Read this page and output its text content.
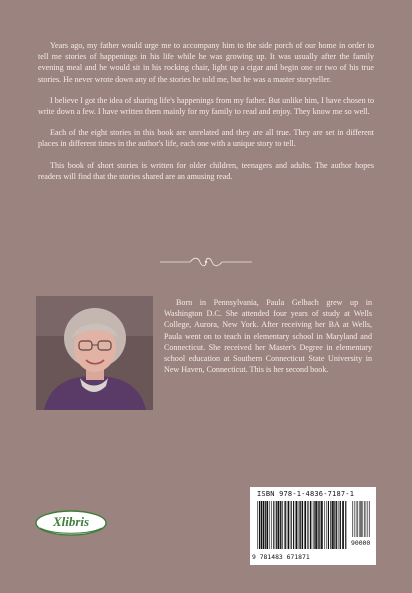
Years ago, my father would urge me to accompany him to the side porch of our home in order to tell me stories of happenings in his life while he was growing up. It was usually after the family evening meal and he would sit in his rocking chair, light up a cigar and begin one or two of his true stories. He never wrote down any of the stories he told me, but he was a master storyteller.

I believe I got the idea of sharing life's happenings from my father. But unlike him, I have chosen to write down a few. I have written them mainly for my family to read and enjoy. They know me so well.

Each of the eight stories in this book are unrelated and they are all true. They are set in different places in different times in the author's life, each one with a unique story to tell.

This book of short stories is written for older children, teenagers and adults. The author hopes readers will find that the stories shared are an amusing read.

Born in Pennsylvania, Paula Gelbach grew up in Washington D.C. She attended four years of study at Wells College, Aurora, New York. After receiving her BA at Wells, Paula went on to teach in elementary school in Maryland and Connecticut. She received her Master's Degree in elementary school education at Southern Connecticut State University in New Haven, Connecticut. This is her second book.

ISBN 978-1-4836-7187-1
9 781483 671871
90000
Xlibris
